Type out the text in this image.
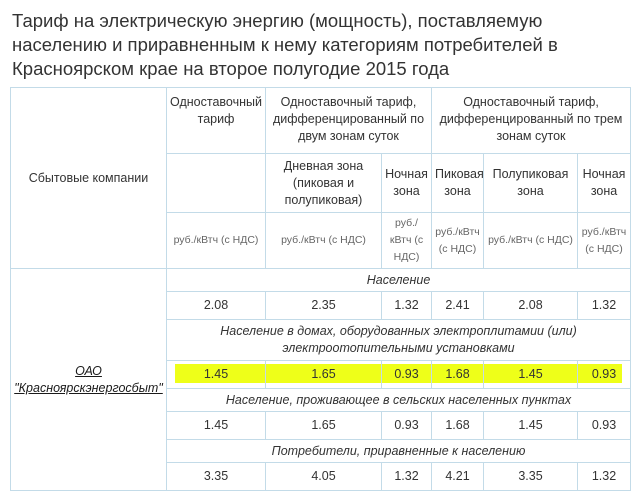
Тариф на электрическую энергию (мощность), поставляемую
населению и приравненным к нему категориям потребителей в
Красноярском крае на второе полугодие 2015 года
Сбытовые компании	Одноставочный тариф	Одноставочный тариф, дифференцированный по двум зонам суток		Одноставочный тариф, дифференцированный по трем зонам суток		
		Дневная зона (пиковая и полупиковая)	Ночная зона	Пиковая зона	Полупиковая зона	Ночная зона
	руб./кВтч (с НДС)	руб./кВтч (с НДС)	руб./кВтч (с НДС)	руб./кВтч (с НДС)	руб./кВтч (с НДС)	руб./кВтч (с НДС)
ОАО
"Красноярскэнергосбыт"	Население					
	2.08	2.35	1.32	2.41	2.08	1.32
	Население в домах, оборудованных электроплитамии (или) электроотопительными установками					
	1.45	1.65	0.93	1.68	1.45	0.93
	Население, проживающее в сельских населенных пунктах					
	1.45	1.65	0.93	1.68	1.45	0.93
	Потребители, приравненные к населению					
	3.35	4.05	1.32	4.21	3.35	1.32
